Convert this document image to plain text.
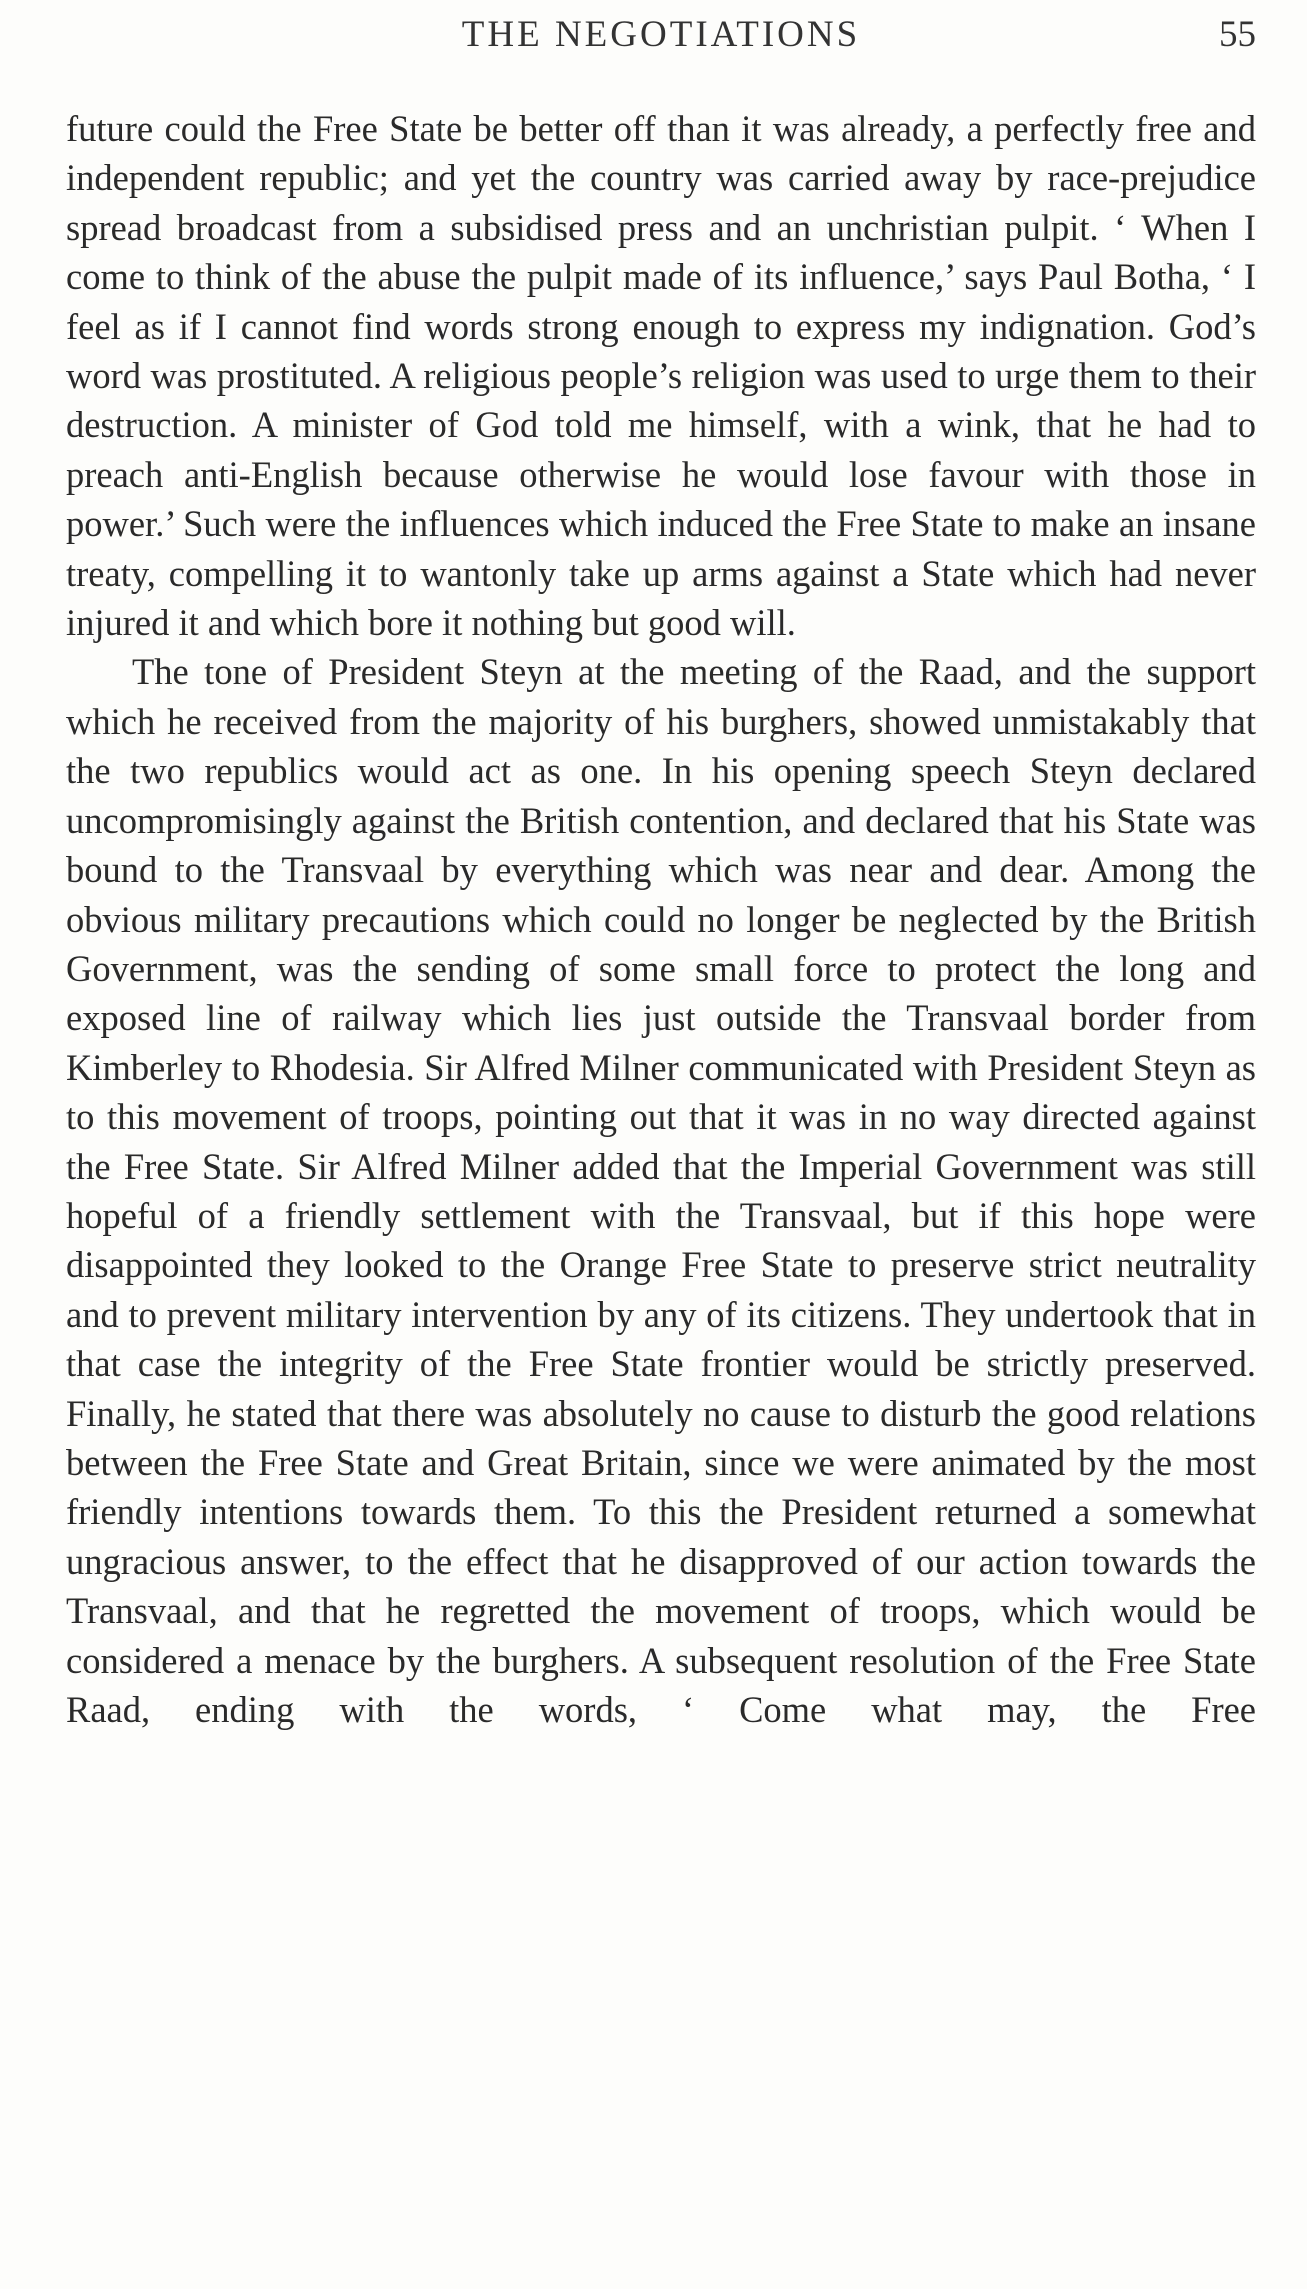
THE NEGOTIATIONS	55

future could the Free State be better off than it was already, a perfectly free and independent republic; and yet the country was carried away by race-prejudice spread broadcast from a subsidised press and an unchristian pulpit. ‘ When I come to think of the abuse the pulpit made of its influence,’ says Paul Botha, ‘ I feel as if I cannot find words strong enough to express my indignation. God’s word was prostituted. A religious people’s religion was used to urge them to their destruction. A minister of God told me himself, with a wink, that he had to preach anti-English because otherwise he would lose favour with those in power.’ Such were the influences which induced the Free State to make an insane treaty, compelling it to wantonly take up arms against a State which had never injured it and which bore it nothing but good will.

The tone of President Steyn at the meeting of the Raad, and the support which he received from the majority of his burghers, showed unmistakably that the two republics would act as one. In his opening speech Steyn declared uncompromisingly against the British contention, and declared that his State was bound to the Transvaal by everything which was near and dear. Among the obvious military precautions which could no longer be neglected by the British Government, was the sending of some small force to protect the long and exposed line of railway which lies just outside the Transvaal border from Kimberley to Rhodesia. Sir Alfred Milner communicated with President Steyn as to this movement of troops, pointing out that it was in no way directed against the Free State. Sir Alfred Milner added that the Imperial Government was still hopeful of a friendly settlement with the Transvaal, but if this hope were disappointed they looked to the Orange Free State to preserve strict neutrality and to prevent military intervention by any of its citizens. They undertook that in that case the integrity of the Free State frontier would be strictly preserved. Finally, he stated that there was absolutely no cause to disturb the good relations between the Free State and Great Britain, since we were animated by the most friendly intentions towards them. To this the President returned a somewhat ungracious answer, to the effect that he disapproved of our action towards the Transvaal, and that he regretted the movement of troops, which would be considered a menace by the burghers. A subsequent resolution of the Free State Raad, ending with the words, ‘ Come what may, the Free
